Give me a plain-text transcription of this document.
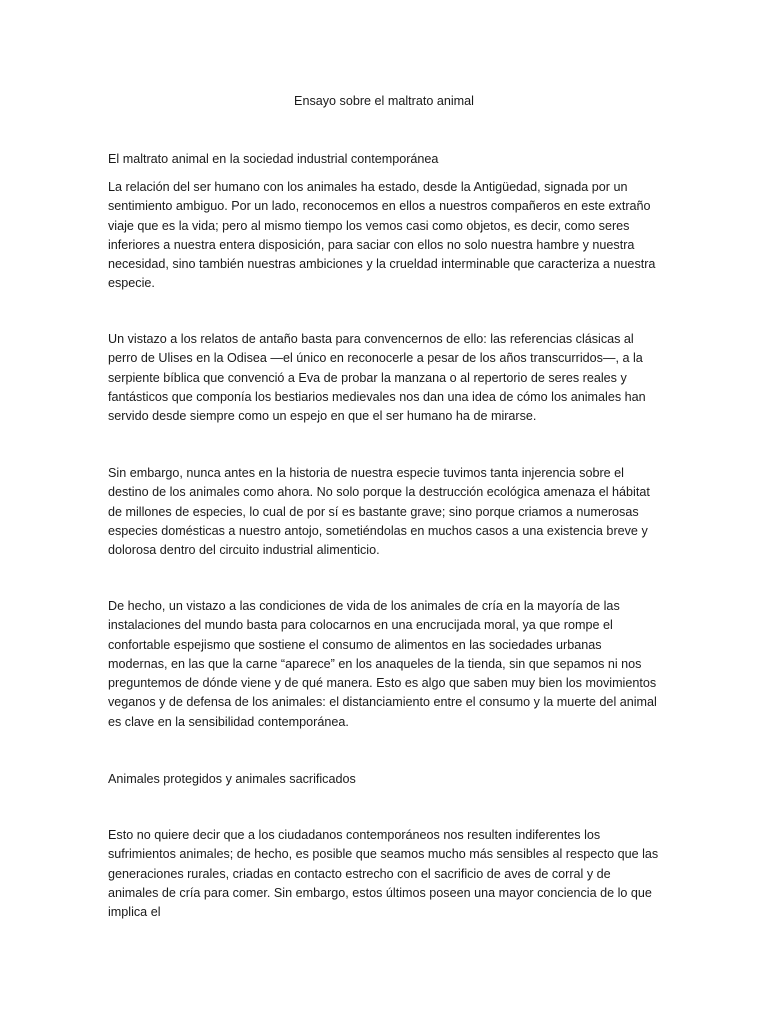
Ensayo sobre el maltrato animal
El maltrato animal en la sociedad industrial contemporánea

La relación del ser humano con los animales ha estado, desde la Antigüedad, signada por un sentimiento ambiguo. Por un lado, reconocemos en ellos a nuestros compañeros en este extraño viaje que es la vida; pero al mismo tiempo los vemos casi como objetos, es decir, como seres inferiores a nuestra entera disposición, para saciar con ellos no solo nuestra hambre y nuestra necesidad, sino también nuestras ambiciones y la crueldad interminable que caracteriza a nuestra especie.

Un vistazo a los relatos de antaño basta para convencernos de ello: las referencias clásicas al perro de Ulises en la Odisea —el único en reconocerle a pesar de los años transcurridos—, a la serpiente bíblica que convenció a Eva de probar la manzana o al repertorio de seres reales y fantásticos que componía los bestiarios medievales nos dan una idea de cómo los animales han servido desde siempre como un espejo en que el ser humano ha de mirarse.

Sin embargo, nunca antes en la historia de nuestra especie tuvimos tanta injerencia sobre el destino de los animales como ahora. No solo porque la destrucción ecológica amenaza el hábitat de millones de especies, lo cual de por sí es bastante grave; sino porque criamos a numerosas especies domésticas a nuestro antojo, sometiéndolas en muchos casos a una existencia breve y dolorosa dentro del circuito industrial alimenticio.

De hecho, un vistazo a las condiciones de vida de los animales de cría en la mayoría de las instalaciones del mundo basta para colocarnos en una encrucijada moral, ya que rompe el confortable espejismo que sostiene el consumo de alimentos en las sociedades urbanas modernas, en las que la carne “aparece” en los anaqueles de la tienda, sin que sepamos ni nos preguntemos de dónde viene y de qué manera. Esto es algo que saben muy bien los movimientos veganos y de defensa de los animales: el distanciamiento entre el consumo y la muerte del animal es clave en la sensibilidad contemporánea.

Animales protegidos y animales sacrificados

Esto no quiere decir que a los ciudadanos contemporáneos nos resulten indiferentes los sufrimientos animales; de hecho, es posible que seamos mucho más sensibles al respecto que las generaciones rurales, criadas en contacto estrecho con el sacrificio de aves de corral y de animales de cría para comer. Sin embargo, estos últimos poseen una mayor conciencia de lo que implica el
